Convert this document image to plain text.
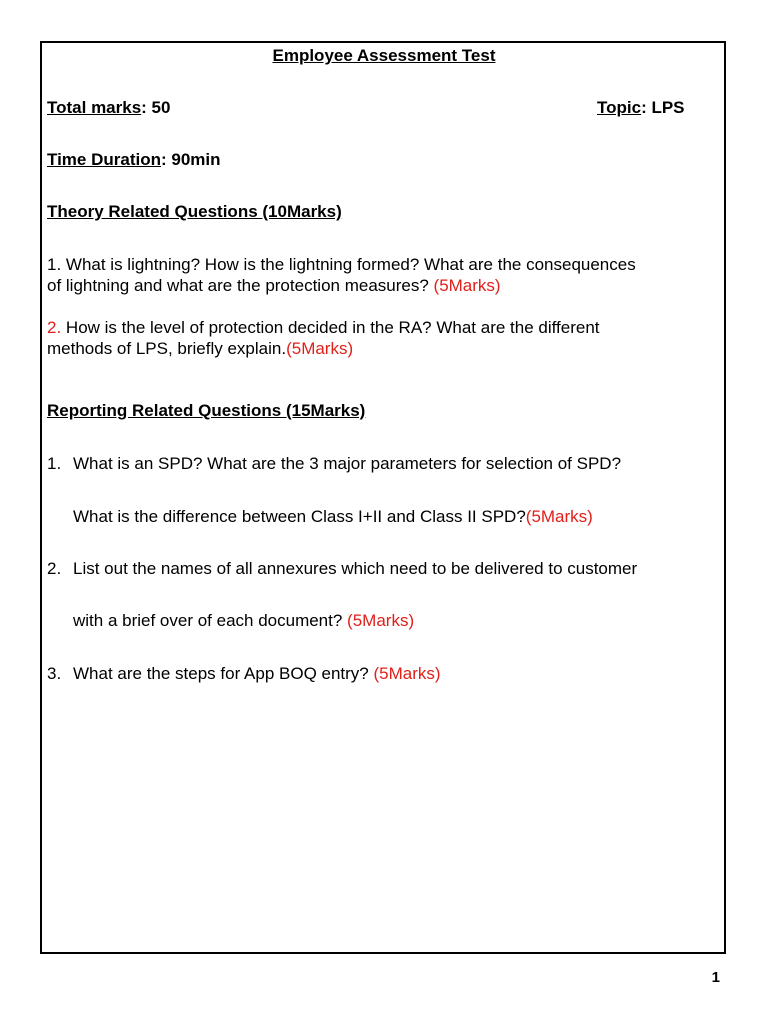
Employee Assessment Test
Total marks: 50	Topic: LPS
Time Duration: 90min
Theory Related Questions (10Marks)
1. What is lightning? How is the lightning formed? What are the consequences
of lightning and what are the protection measures? (5Marks)
2. How is the level of protection decided in the RA? What are the different
methods of LPS, briefly explain.(5Marks)
Reporting Related Questions (15Marks)
1. What is an SPD? What are the 3 major parameters for selection of SPD?
What is the difference between Class I+II and Class II SPD?(5Marks)
2. List out the names of all annexures which need to be delivered to customer
with a brief over of each document? (5Marks)
3. What are the steps for App BOQ entry? (5Marks)
1
